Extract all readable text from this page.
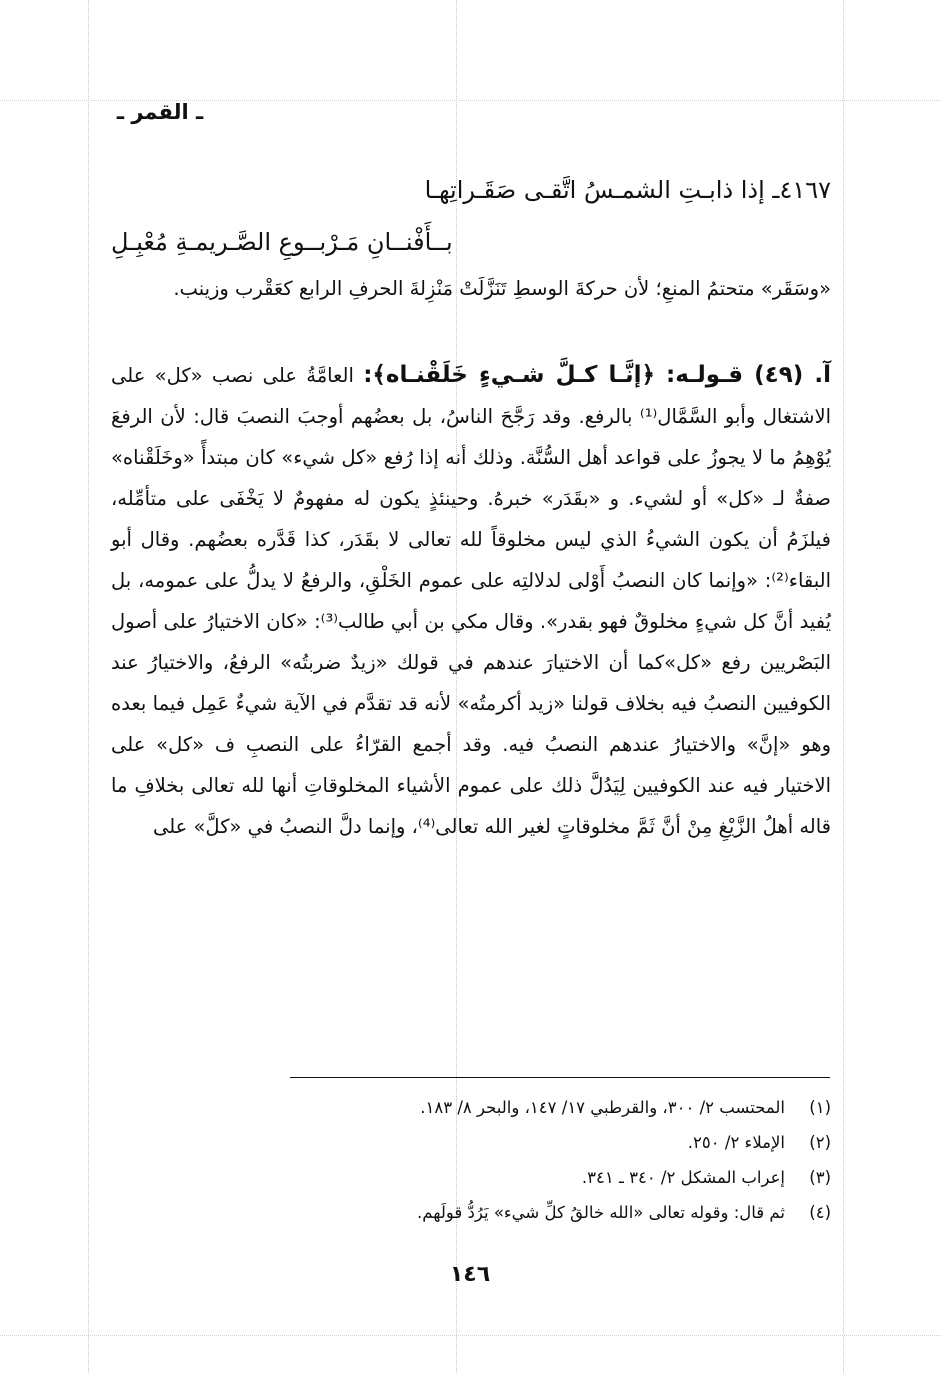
ـ القمر ـ
٤١٦٧ـ إذا ذابـتِ الشمـسُ اتَّقـى صَقَـراتِهـا
بــأَفْنــانِ مَـرْبــوعِ الصَّـريمـةِ مُعْبِـلِ
«وسَقَر» متحتمُ المنعِ؛ لأن حركةَ الوسطِ تَنَزَّلَتْ مَنْزِلةَ الحرفِ الرابع كعَقْرب وزينب.
آ. (٤٩) قـولـه: ﴿إنَّـا كـلَّ شـيءٍ خَلَقْنـاه﴾: العامَّةُ على نصب «كل» على الاشتغال وأبو السَّمَّال⁽¹⁾ بالرفع. وقد رَجَّحَ الناسُ، بل بعضُهم أوجبَ النصبَ قال: لأن الرفعَ يُوْهِمُ ما لا يجوزُ على قواعد أهل السُّنَّة. وذلك أنه إذا رُفع «كل شيء» كان مبتدأً «وخَلَقْناه» صفةٌ لـ «كل» أو لشيء. و «بقَدَر» خبرهُ. وحينئذٍ يكون له مفهومٌ لا يَخْفَى على متأمِّله، فيلزَمُ أن يكون الشيءُ الذي ليس مخلوقاً لله تعالى لا بقَدَر، كذا قَدَّره بعضُهم. وقال أبو البقاء⁽²⁾: «وإنما كان النصبُ أَوْلى لدلالتِه على عموم الخَلْقِ، والرفعُ لا يدلُّ على عمومه، بل يُفيد أنَّ كل شيءٍ مخلوقٌ فهو بقدر». وقال مكي بن أبي طالب⁽³⁾: «كان الاختيارُ على أصول البَصْريين رفع «كل»كما أن الاختيارَ عندهم في قولك «زيدٌ ضربتُه» الرفعُ، والاختيارُ عند الكوفيين النصبُ فيه بخلاف قولنا «زيد أكرمتُه» لأنه قد تقدَّم في الآية شيءٌ عَمِل فيما بعده وهو «إنَّ» والاختيارُ عندهم النصبُ فيه. وقد أجمع القرّاءُ على النصبِ ف «كل» على الاختيار فيه عند الكوفيين لِيَدُلَّ ذلك على عموم الأشياء المخلوقاتِ أنها لله تعالى بخلافِ ما قاله أهلُ الزَّيْغِ مِنْ أنَّ ثَمَّ مخلوقاتٍ لغير الله تعالى⁽⁴⁾، وإنما دلَّ النصبُ في «كلَّ» على
(١)المحتسب ٢/ ٣٠٠، والقرطبي ١٧/ ١٤٧، والبحر ٨/ ١٨٣.
(٢)الإملاء ٢/ ٢٥٠.
(٣)إعراب المشكل ٢/ ٣٤٠ ـ ٣٤١.
(٤)ثم قال: وقوله تعالى «الله خالقُ كلِّ شيء» يَرُدُّ قولَهم.
١٤٦
